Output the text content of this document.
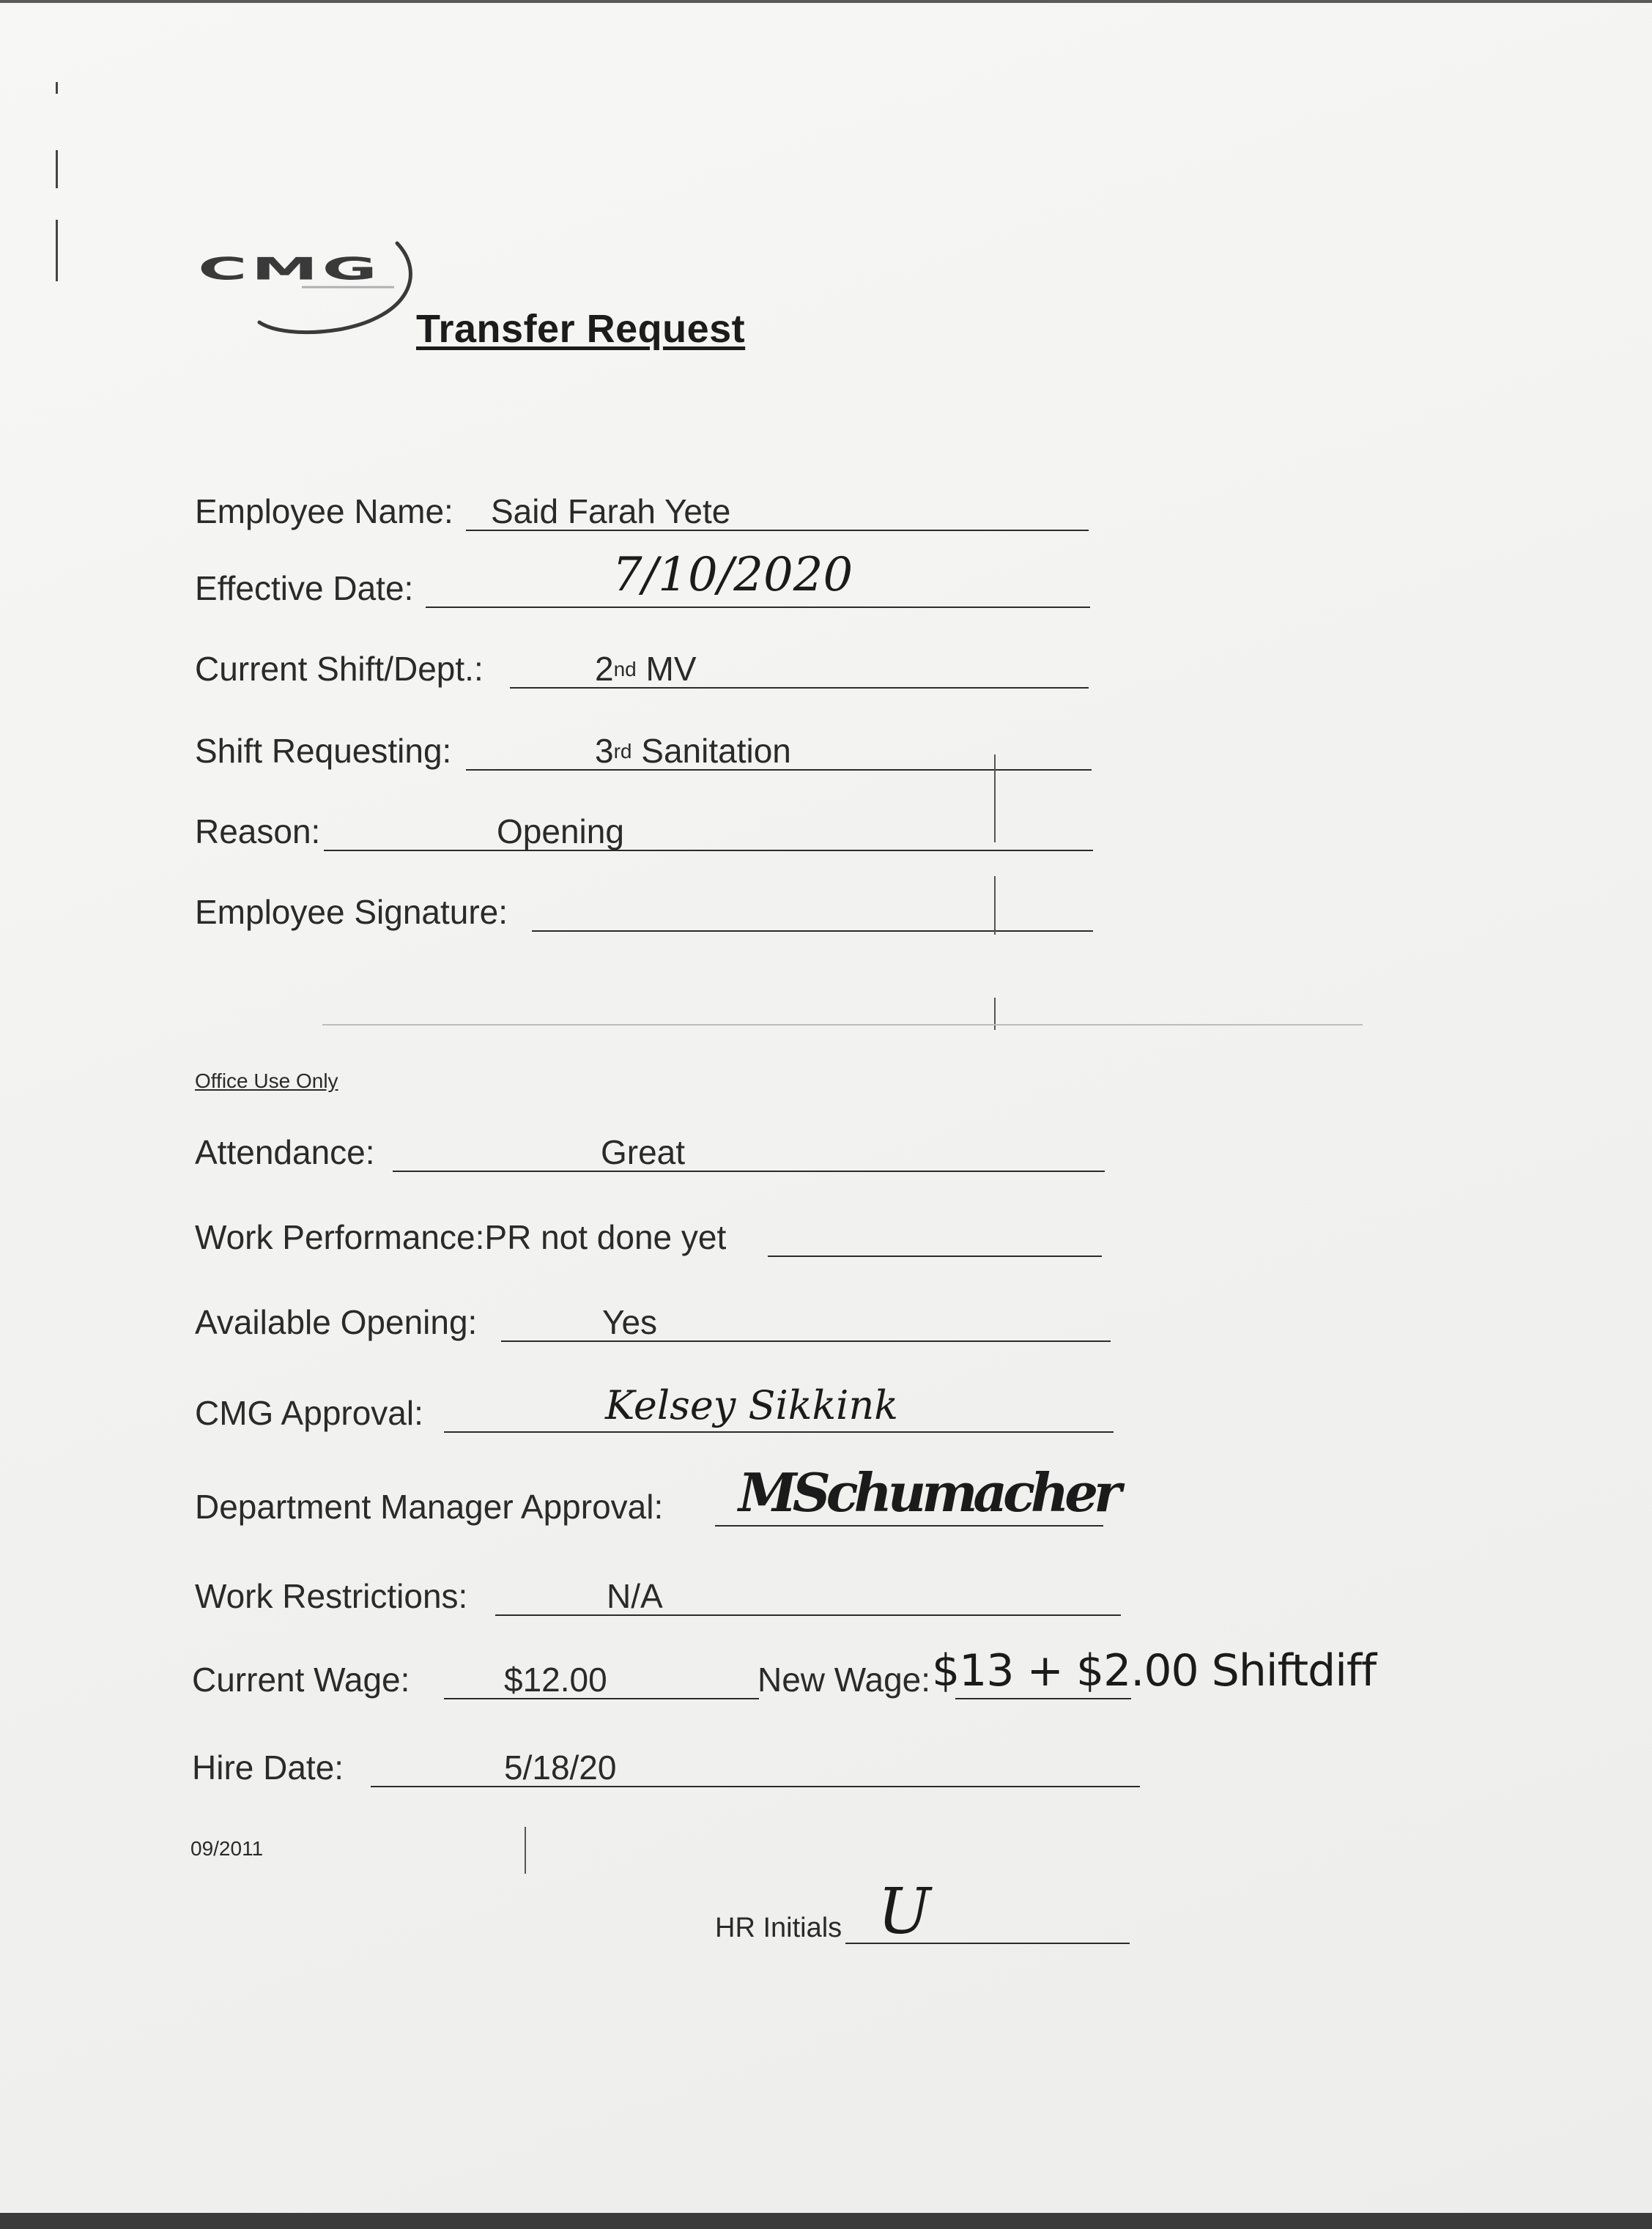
CMG
Transfer Request
Employee Name: Said Farah Yete
Effective Date:	7/10/2020
Current Shift/Dept.:	2nd MV
Shift Requesting:	3rd Sanitation
Reason:	Opening
Employee Signature:
Office Use Only
Attendance:	Great
Work Performance:PR not done yet
Available Opening:	Yes
CMG Approval:	Kelsey Sikkink
Department Manager Approval: MSchumacher
Work Restrictions:	N/A
Current Wage:	$12.00	New Wage: $13 + $2.00 Shiftdiff
Hire Date:	5/18/20
09/2011
HR Initials U
